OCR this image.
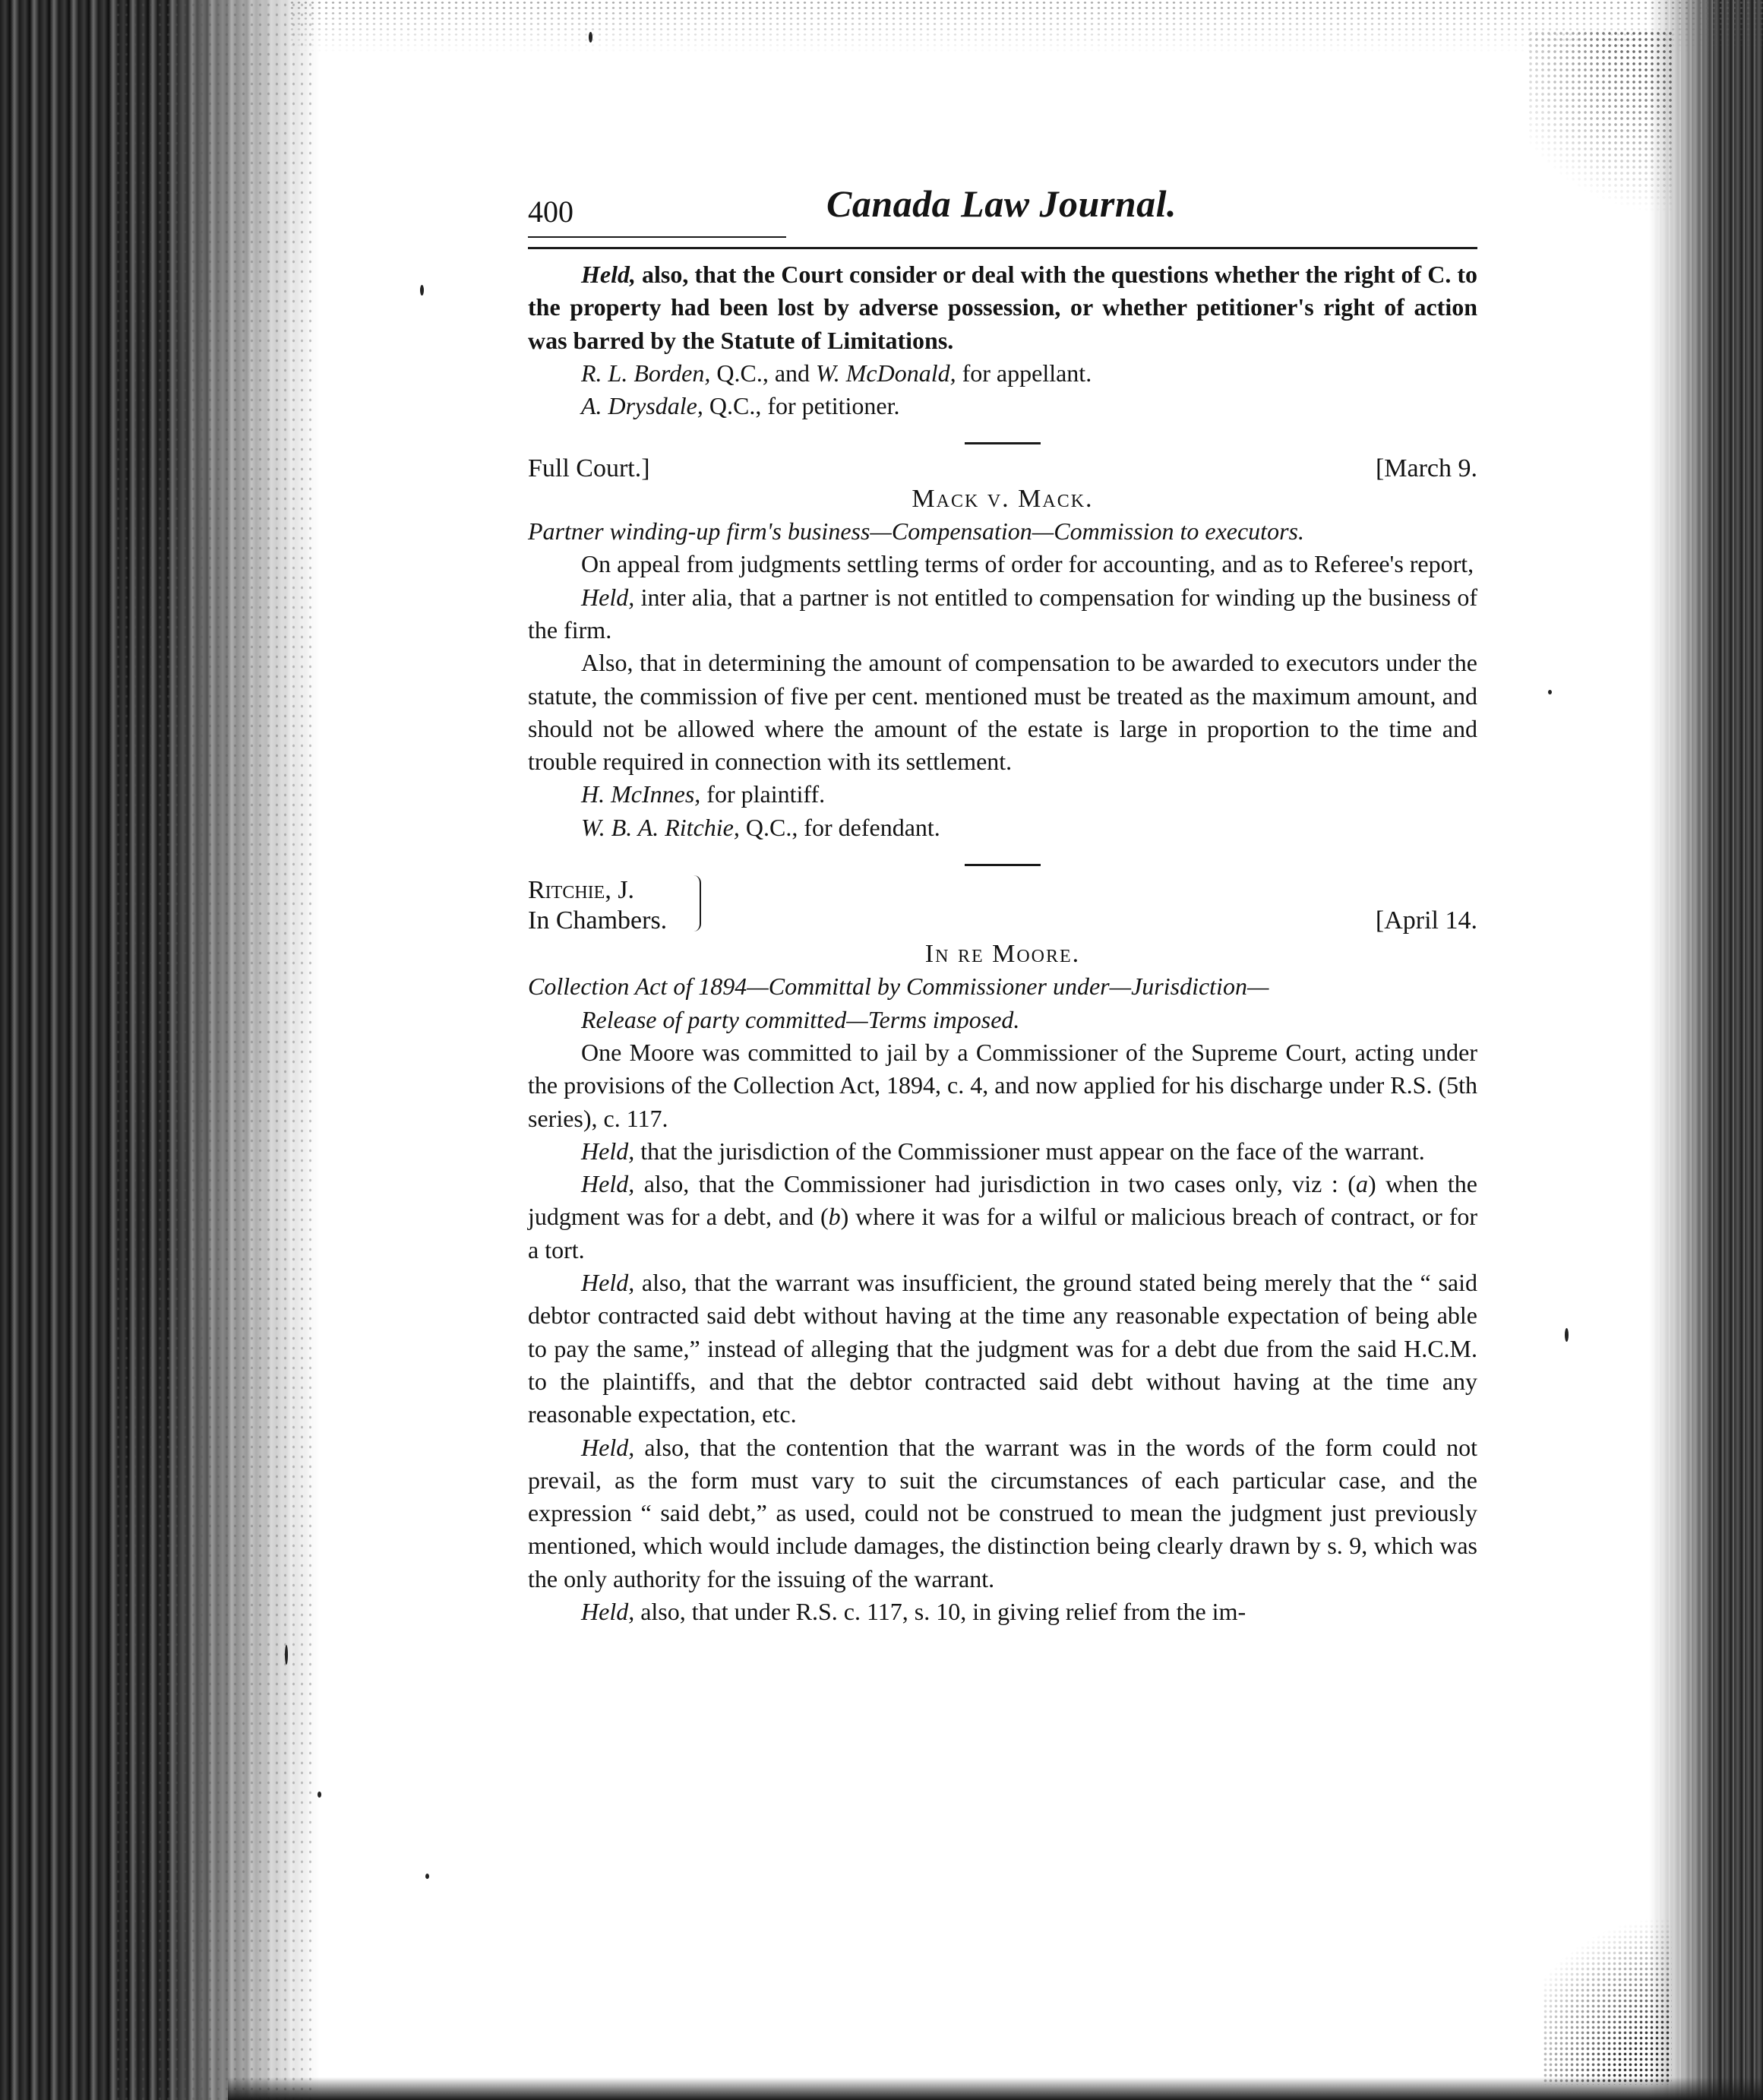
400	Canada Law Journal.

Held, also, that the Court consider or deal with the questions whether the right of C. to the property had been lost by adverse possession, or whether petitioner's right of action was barred by the Statute of Limitations.

R. L. Borden, Q.C., and W. McDonald, for appellant.

A. Drysdale, Q.C., for petitioner.

Full Court.]	[March 9.
Mack v. Mack.

Partner winding-up firm's business—Compensation—Commission to executors.

On appeal from judgments settling terms of order for accounting, and as to Referee's report,

Held, inter alia, that a partner is not entitled to compensation for winding up the business of the firm.

Also, that in determining the amount of compensation to be awarded to executors under the statute, the commission of five per cent. mentioned must be treated as the maximum amount, and should not be allowed where the amount of the estate is large in proportion to the time and trouble required in connection with its settlement.

H. McInnes, for plaintiff.

W. B. A. Ritchie, Q.C., for defendant.

Ritchie, J.
In Chambers.	[April 14.
In re Moore.

Collection Act of 1894—Committal by Commissioner under—Jurisdiction—

Release of party committed—Terms imposed.

One Moore was committed to jail by a Commissioner of the Supreme Court, acting under the provisions of the Collection Act, 1894, c. 4, and now applied for his discharge under R.S. (5th series), c. 117.

Held, that the jurisdiction of the Commissioner must appear on the face of the warrant.

Held, also, that the Commissioner had jurisdiction in two cases only, viz : (a) when the judgment was for a debt, and (b) where it was for a wilful or malicious breach of contract, or for a tort.

Held, also, that the warrant was insufficient, the ground stated being merely that the “ said debtor contracted said debt without having at the time any reasonable expectation of being able to pay the same,” instead of alleging that the judgment was for a debt due from the said H.C.M. to the plaintiffs, and that the debtor contracted said debt without having at the time any reasonable expectation, etc.

Held, also, that the contention that the warrant was in the words of the form could not prevail, as the form must vary to suit the circumstances of each particular case, and the expression “ said debt,” as used, could not be construed to mean the judgment just previously mentioned, which would include damages, the distinction being clearly drawn by s. 9, which was the only authority for the issuing of the warrant.

Held, also, that under R.S. c. 117, s. 10, in giving relief from the im-
